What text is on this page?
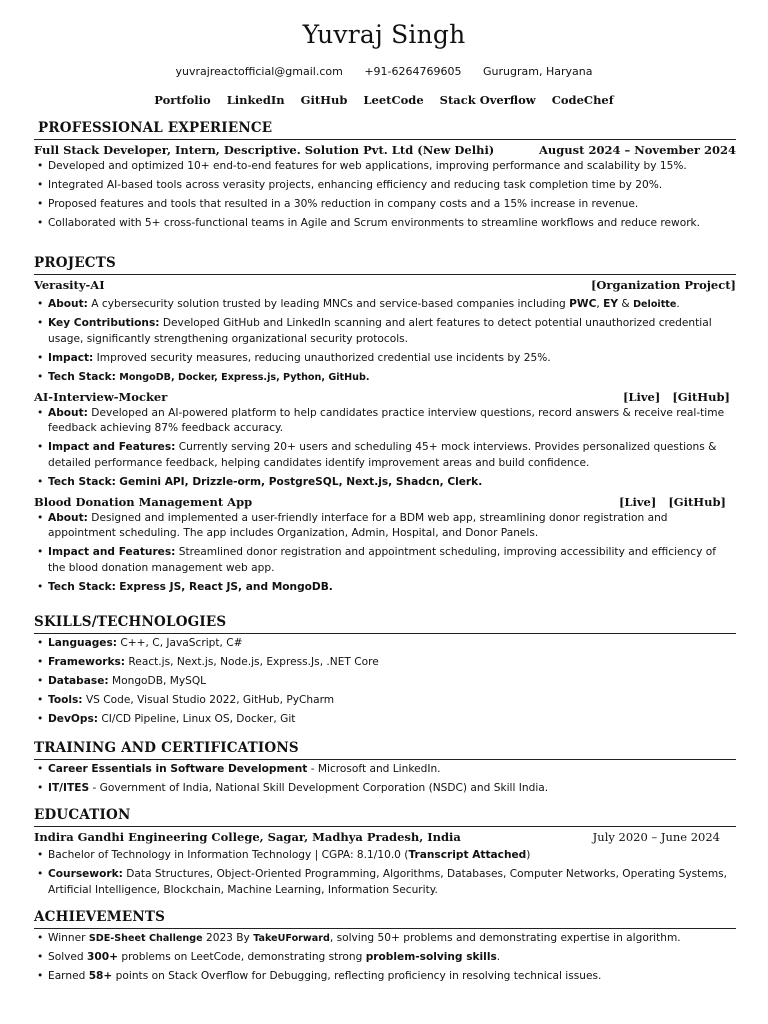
Yuvraj Singh
yuvrajreactofficial@gmail.com +91-6264769605 Gurugram, Haryana
Portfolio LinkedIn GitHub LeetCode Stack Overflow CodeChef
PROFESSIONAL EXPERIENCE
Full Stack Developer, Intern, Descriptive. Solution Pvt. Ltd (New Delhi)	August 2024 – November 2024
• Developed and optimized 10+ end-to-end features for web applications, improving performance and scalability by 15%.
• Integrated AI-based tools across verasity projects, enhancing efficiency and reducing task completion time by 20%.
• Proposed features and tools that resulted in a 30% reduction in company costs and a 15% increase in revenue.
• Collaborated with 5+ cross-functional teams in Agile and Scrum environments to streamline workflows and reduce rework.
PROJECTS
Verasity-AI	[Organization Project]
• About: A cybersecurity solution trusted by leading MNCs and service-based companies including PWC, EY & Deloitte.
• Key Contributions: Developed GitHub and LinkedIn scanning and alert features to detect potential unauthorized credential usage, significantly strengthening organizational security protocols.
• Impact: Improved security measures, reducing unauthorized credential use incidents by 25%.
• Tech Stack: MongoDB, Docker, Express.js, Python, GitHub.
AI-Interview-Mocker	[Live] [GitHub]
• About: Developed an AI-powered platform to help candidates practice interview questions, record answers & receive real-time feedback achieving 87% feedback accuracy.
• Impact and Features: Currently serving 20+ users and scheduling 45+ mock interviews. Provides personalized questions & detailed performance feedback, helping candidates identify improvement areas and build confidence.
• Tech Stack: Gemini API, Drizzle-orm, PostgreSQL, Next.js, Shadcn, Clerk.
Blood Donation Management App	[Live] [GitHub]
• About: Designed and implemented a user-friendly interface for a BDM web app, streamlining donor registration and appointment scheduling. The app includes Organization, Admin, Hospital, and Donor Panels.
• Impact and Features: Streamlined donor registration and appointment scheduling, improving accessibility and efficiency of the blood donation management web app.
• Tech Stack: Express JS, React JS, and MongoDB.
SKILLS/TECHNOLOGIES
• Languages: C++, C, JavaScript, C#
• Frameworks: React.js, Next.js, Node.js, Express.Js, .NET Core
• Database: MongoDB, MySQL
• Tools: VS Code, Visual Studio 2022, GitHub, PyCharm
• DevOps: CI/CD Pipeline, Linux OS, Docker, Git
TRAINING AND CERTIFICATIONS
• Career Essentials in Software Development - Microsoft and LinkedIn.
• IT/ITES - Government of India, National Skill Development Corporation (NSDC) and Skill India.
EDUCATION
Indira Gandhi Engineering College, Sagar, Madhya Pradesh, India	July 2020 – June 2024
• Bachelor of Technology in Information Technology | CGPA: 8.1/10.0 (Transcript Attached)
• Coursework: Data Structures, Object-Oriented Programming, Algorithms, Databases, Computer Networks, Operating Systems, Artificial Intelligence, Blockchain, Machine Learning, Information Security.
ACHIEVEMENTS
• Winner SDE-Sheet Challenge 2023 By TakeUForward, solving 50+ problems and demonstrating expertise in algorithm.
• Solved 300+ problems on LeetCode, demonstrating strong problem-solving skills.
• Earned 58+ points on Stack Overflow for Debugging, reflecting proficiency in resolving technical issues.
